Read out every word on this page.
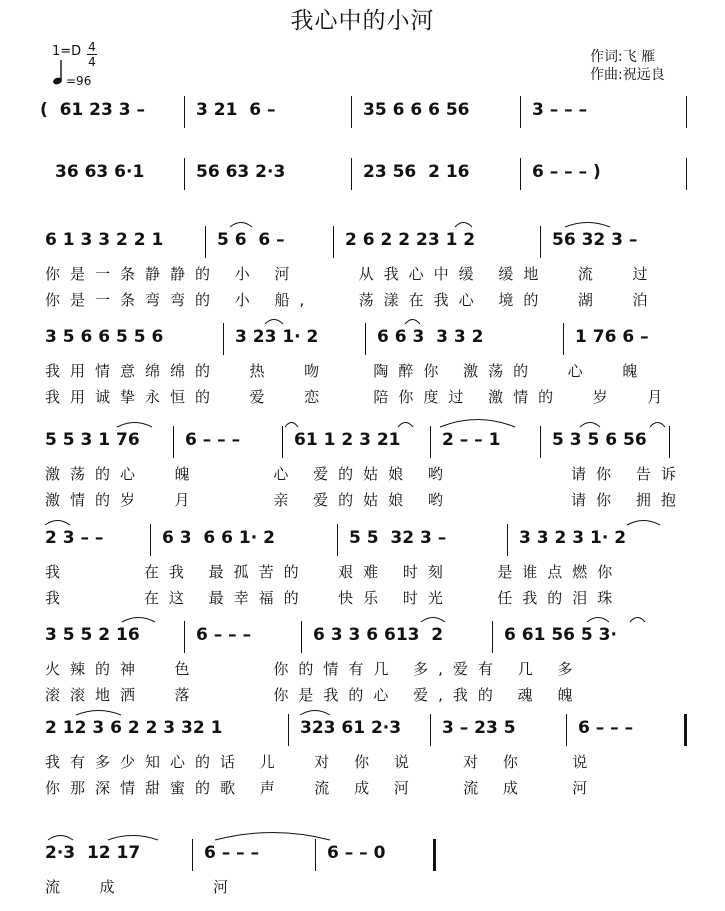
我心中的小河
1=D 4
4
=96
作词:飞 雁
作曲:祝远良
(  61 23 3 –	3 21  6 –	35 6 6 6 56	3 – – –
36 63 6·1	56 63 2·3	23 56  2 16	6 – – – )
6 1 3 3 2 2 1	5 6  6 –	2 6 2 2 23 1 2	56 32 3 –
你是一条静静的 小 河    从我心中缓 缓地  流  过
你是一条弯弯的 小 船,   荡漾在我心 境的  湖  泊
3 5 6 6 5 5 6	3 23 1· 2	6 6 3  3 3 2	1 76 6 –
我用情意绵绵的  热  吻   陶醉你 激荡的  心  魄
我用诚挚永恒的  爱  恋   陪你度过 激情的  岁  月
5 5 3 1 76	6 – – –	61 1 2 3 21 2 – – 1	5 3 5 6 56
激荡的心  魄     心 爱的姑娘 哟        请你 告诉
激情的岁  月     亲 爱的姑娘 哟        请你 拥抱
2 3 – –	6 3  6 6 1· 2	5 5  32 3 –	3 3 2 3 1· 2
我     在我 最孤苦的  艰难 时刻   是谁点燃你
我     在这 最幸福的  快乐 时光   任我的泪珠
3 5 5 2 16	6 – – –	6 3 3 6 613  2	6 61 56 5 3·
火辣的神  色     你的情有几 多,爱有 几 多
滚滚地洒  落     你是我的心 爱,我的 魂 魄
2 12 3 6 2 2 3 32 1	323 61 2·3 3 – 23 5	6 – – –
我有多少知心的话 儿  对 你 说   对 你   说
你那深情甜蜜的歌 声  流 成 河   流 成   河
2·3  12 17	6 – – –	6 – – 0
流  成      河
